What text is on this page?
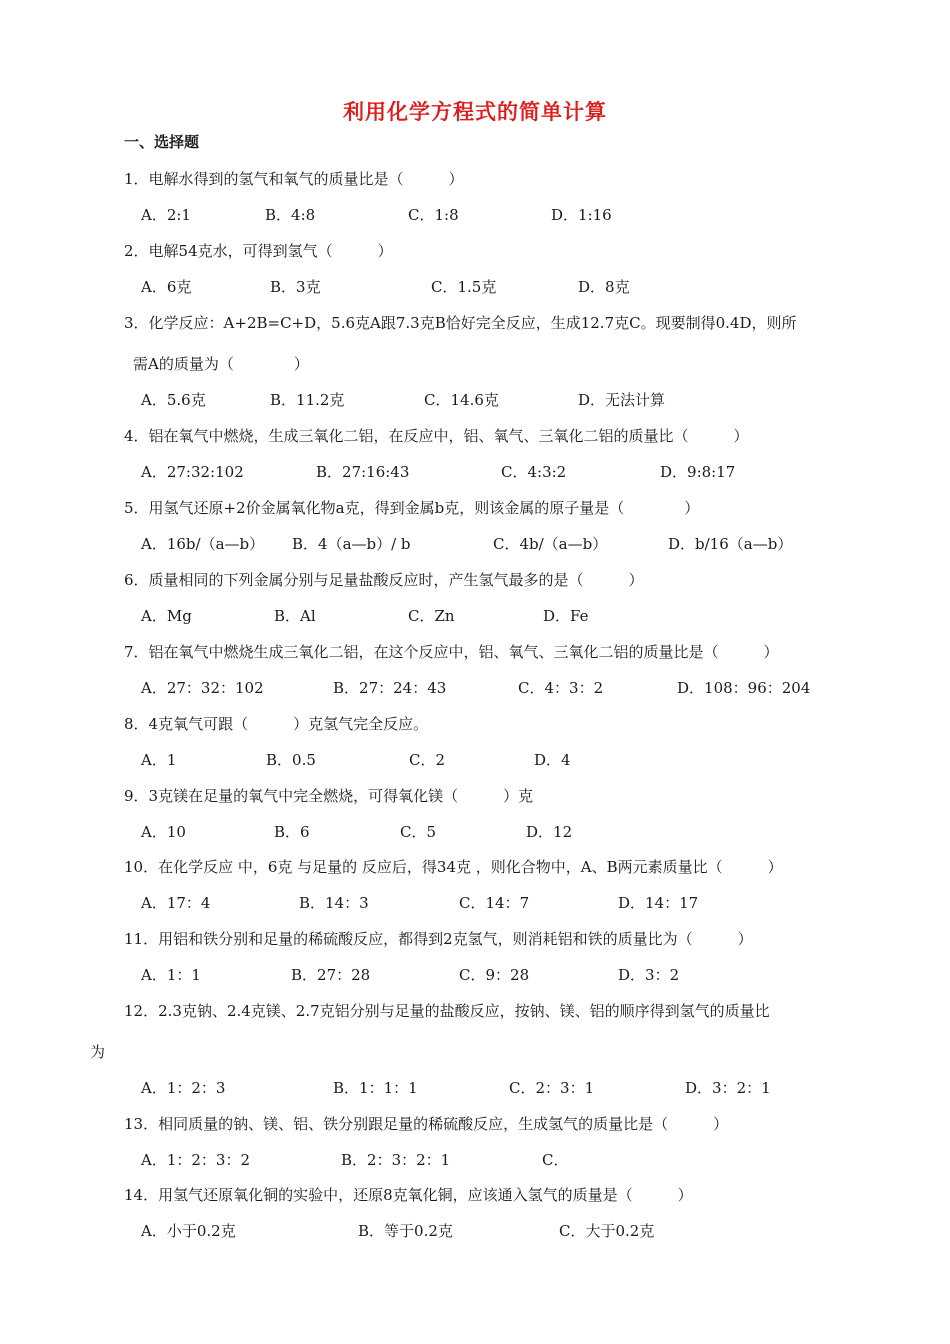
利用化学方程式的简单计算
一、选择题
1．电解水得到的氢气和氧气的质量比是（　　　）
A．2:1	B．4:8	C．1:8	D．1:16
2．电解54克水，可得到氢气（　　　）
A．6克	B．3克	C．1.5克	D．8克
3．化学反应：A+2B=C+D，5.6克A跟7.3克B恰好完全反应，生成12.7克C。现要制得0.4D，则所
需A的质量为（　　　　）
A．5.6克	B．11.2克	C．14.6克	D．无法计算
4．铝在氧气中燃烧，生成三氧化二铝，在反应中，铝、氧气、三氧化二铝的质量比（　　　）
A．27:32:102	B．27:16:43	C．4:3:2	D．9:8:17
5．用氢气还原+2价金属氧化物a克，得到金属b克，则该金属的原子量是（　　　　）
A．16b/（a—b） B．4（a—b）/ b	C．4b/（a—b）	D．b/16（a—b）
6．质量相同的下列金属分别与足量盐酸反应时，产生氢气最多的是（　　　）
A．Mg	B．Al	C．Zn	D．Fe
7．铝在氧气中燃烧生成三氧化二铝，在这个反应中，铝、氧气、三氧化二铝的质量比是（　　　）
A．27：32：102	B．27：24：43	C．4：3：2	D．108：96：204
8．4克氧气可跟（　　　）克氢气完全反应。
A．1	B．0.5	C．2	D．4
9．3克镁在足量的氧气中完全燃烧，可得氧化镁（　　　）克
A．10	B．6	C．5	D．12
10．在化学反应 中，6克 与足量的 反应后，得34克 ，则化合物中，A、B两元素质量比（　　　）
A．17：4	B．14：3	C．14：7	D．14：17
11．用铝和铁分别和足量的稀硫酸反应，都得到2克氢气，则消耗铝和铁的质量比为（　　　）
A．1：1	B．27：28	C．9：28	D．3：2
12．2.3克钠、2.4克镁、2.7克铝分别与足量的盐酸反应，按钠、镁、铝的顺序得到氢气的质量比
为
A．1：2：3	B．1：1：1	C．2：3：1	D．3：2：1
13．相同质量的钠、镁、铝、铁分别跟足量的稀硫酸反应，生成氢气的质量比是（　　　）
A．1：2：3：2	B．2：3：2：1	C．
14．用氢气还原氧化铜的实验中，还原8克氧化铜，应该通入氢气的质量是（　　　）
A．小于0.2克	B．等于0.2克	C．大于0.2克
